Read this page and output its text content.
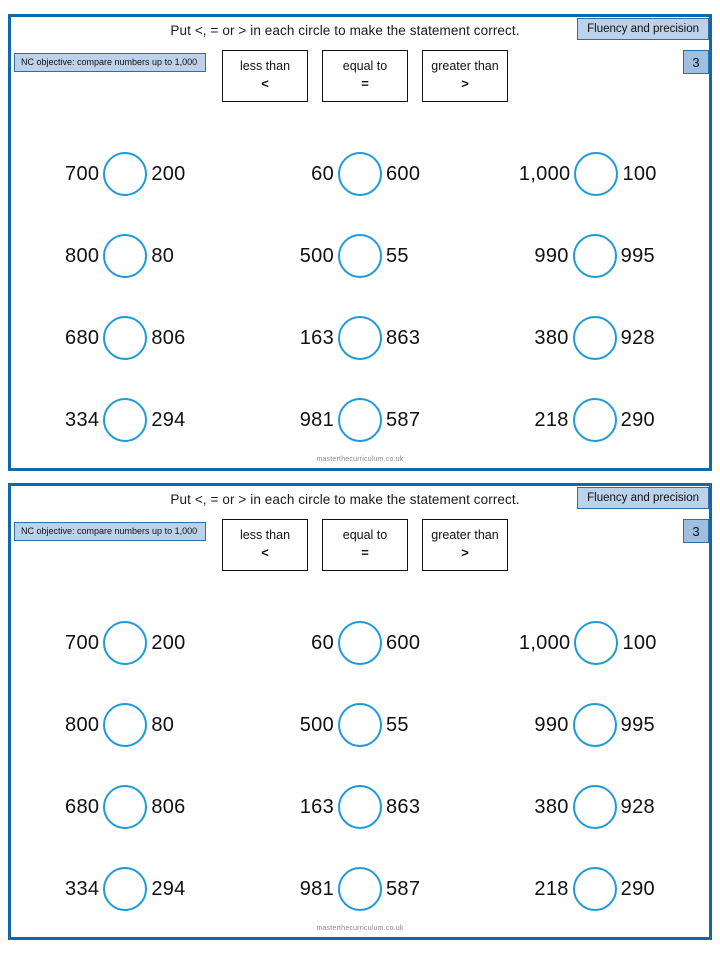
Put <, = or > in each circle to make the statement correct.
NC objective: compare numbers up to 1,000
Fluency and precision
3
less than
<
equal to
=
greater than
>
700	200	60	600	1,000	100
800	80	500	55	990	995
680	806	163	863	380	928
334	294	981	587	218	290
masterthecurriculum.co.uk
Put <, = or > in each circle to make the statement correct.
NC objective: compare numbers up to 1,000
Fluency and precision
3
less than
<
equal to
=
greater than
>
700	200	60	600	1,000	100
800	80	500	55	990	995
680	806	163	863	380	928
334	294	981	587	218	290
masterthecurriculum.co.uk
